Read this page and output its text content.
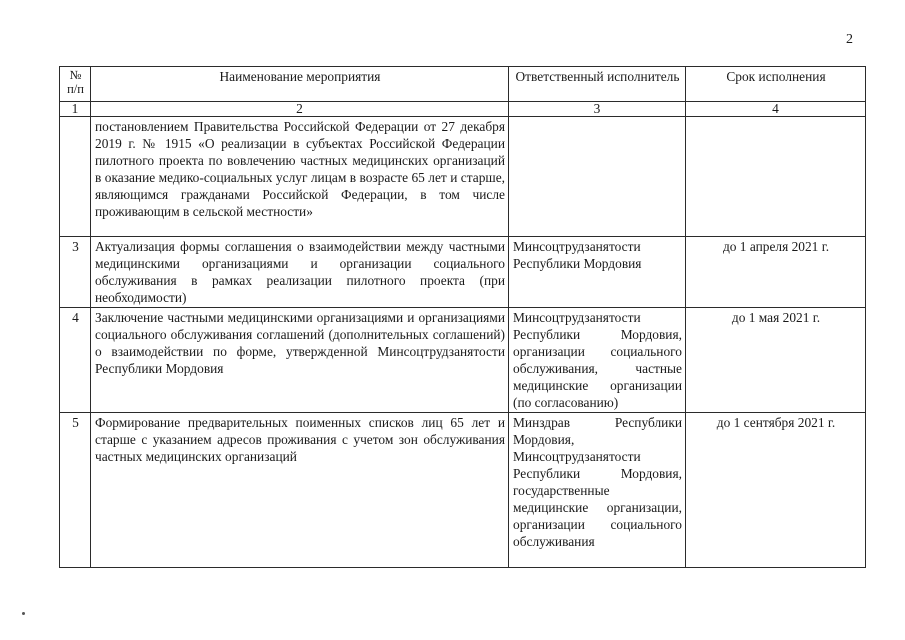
2
№ п/п	Наименование мероприятия	Ответственный исполнитель	Срок исполнения
1	2	3	4
	постановлением Правительства Российской Федерации от 27 декабря 2019 г. № 1915 «О реализации в субъектах Российской Федерации пилотного проекта по вовлечению частных медицинских организаций в оказание медико-социальных услуг лицам в возрасте 65 лет и старше, являющимся гражданами Российской Федерации, в том числе проживающим в сельской местности»		
3	Актуализация формы соглашения о взаимодействии между частными медицинскими организациями и организации социального обслуживания в рамках реализации пилотного проекта (при необходимости)	Минсоцтрудзанятости Республики Мордовия	до 1 апреля 2021 г.
4	Заключение частными медицинскими организациями и организациями социального обслуживания соглашений (дополнительных соглашений) о взаимодействии по форме, утвержденной Минсоцтрудзанятости Республики Мордовия	Минсоцтрудзанятости Республики Мордовия, организации социального обслуживания, частные медицинские организации (по согласованию)	до 1 мая 2021 г.
5	Формирование предварительных поименных списков лиц 65 лет и старше с указанием адресов проживания с учетом зон обслуживания частных медицинских организаций	Минздрав Республики Мордовия, Минсоцтрудзанятости Республики Мордовия, государственные медицинские организации, организации социального обслуживания	до 1 сентября 2021 г.
